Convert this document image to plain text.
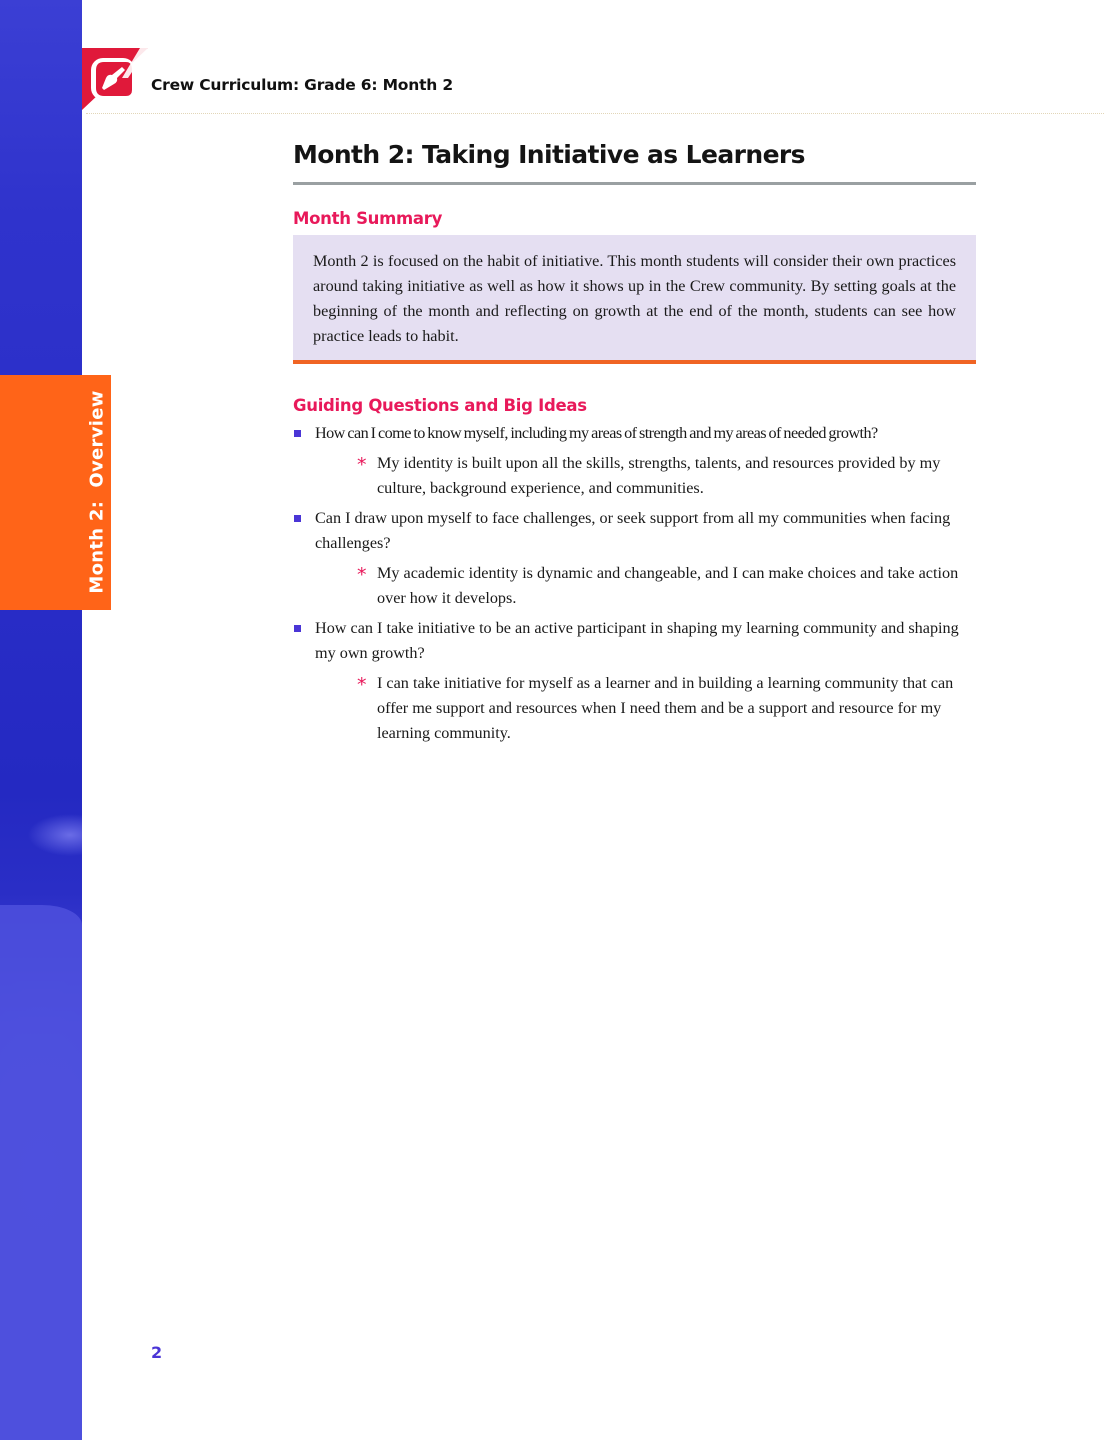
Crew Curriculum: Grade 6: Month 2
Month 2:  Overview
Month 2: Taking Initiative as Learners
Month Summary

Month 2 is focused on the habit of initiative. This month students will consider their own practices around taking initiative as well as how it shows up in the Crew community. By setting goals at the beginning of the month and reflecting on growth at the end of the month, students can see how practice leads to habit.

Guiding Questions and Big Ideas
How can I come to know myself, including my areas of strength and my areas of needed growth?
* My identity is built upon all the skills, strengths, talents, and resources provided by my culture, background experience, and communities.
Can I draw upon myself to face challenges, or seek support from all my communities when facing challenges?
* My academic identity is dynamic and changeable, and I can make choices and take action over how it develops.
How can I take initiative to be an active participant in shaping my learning community and shaping my own growth?
* I can take initiative for myself as a learner and in building a learning community that can offer me support and resources when I need them and be a support and resource for my learning community.
2
